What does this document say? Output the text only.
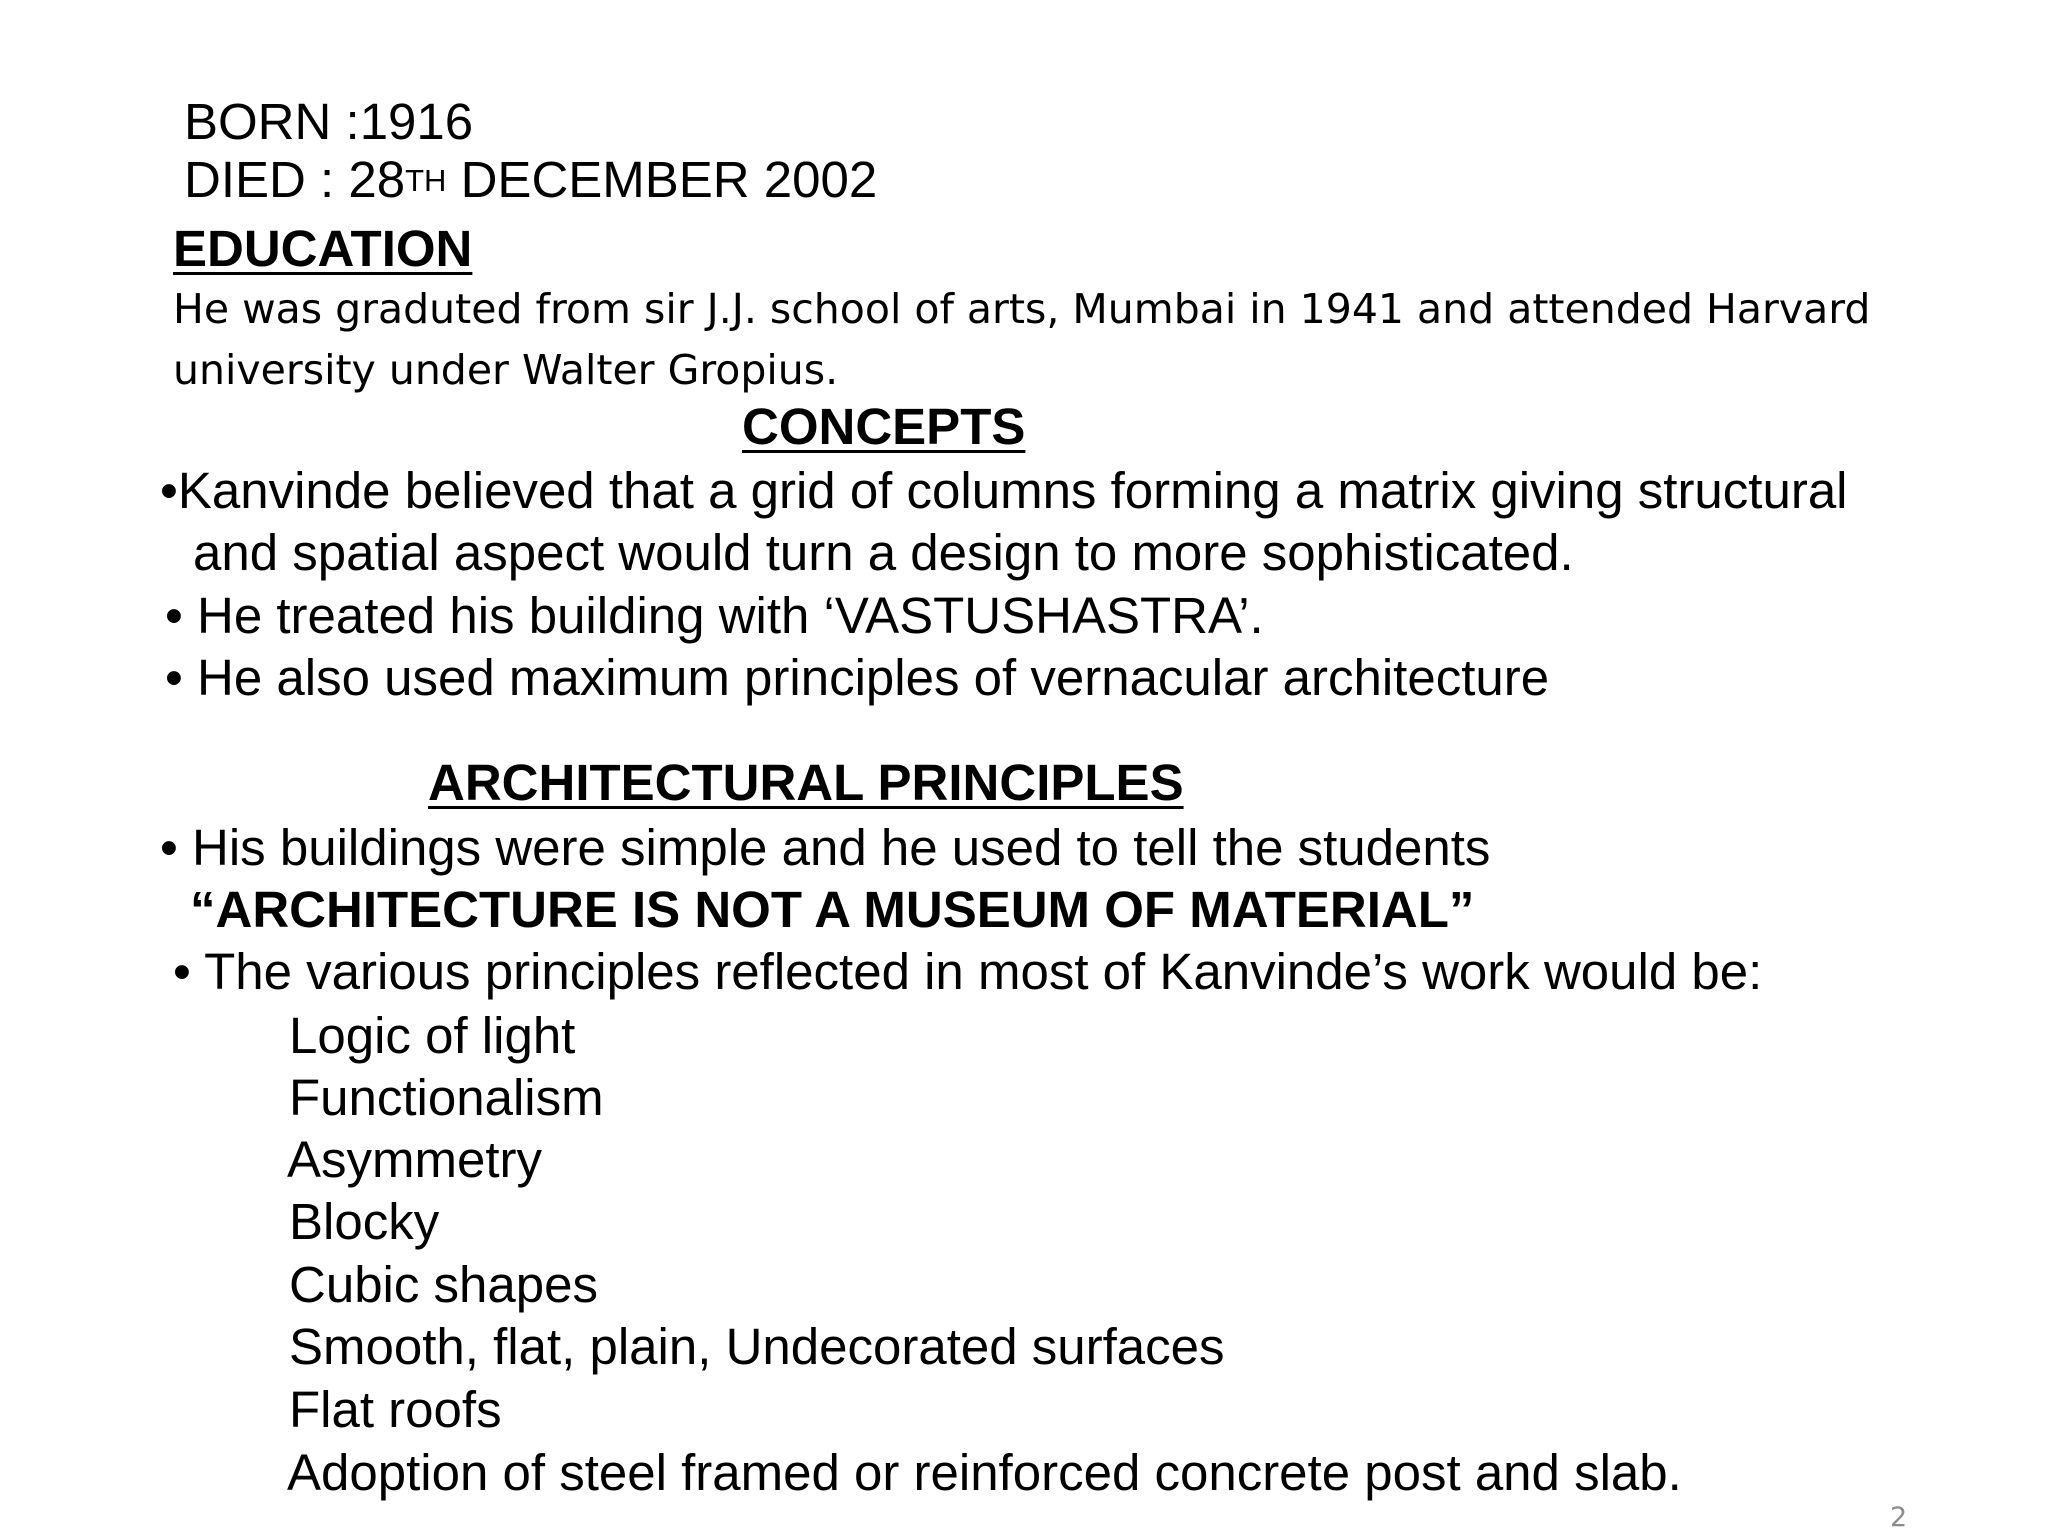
BORN :1916

DIED : 28TH DECEMBER 2002

EDUCATION

He was graduted from sir J.J. school of arts, Mumbai in 1941 and attended Harvard

university under Walter Gropius.

CONCEPTS

•Kanvinde believed that a grid of columns forming a matrix giving structural

and spatial aspect would turn a design to more sophisticated.

• He treated his building with ‘VASTUSHASTRA’.

• He also used maximum principles of vernacular architecture

ARCHITECTURAL PRINCIPLES

• His buildings were simple and he used to tell the students

“ARCHITECTURE IS NOT A MUSEUM OF MATERIAL”

• The various principles reflected in most of Kanvinde’s work would be:

Logic of light

Functionalism

Asymmetry

Blocky

Cubic shapes

Smooth, flat, plain, Undecorated surfaces

Flat roofs

Adoption of steel framed or reinforced concrete post and slab.

2
